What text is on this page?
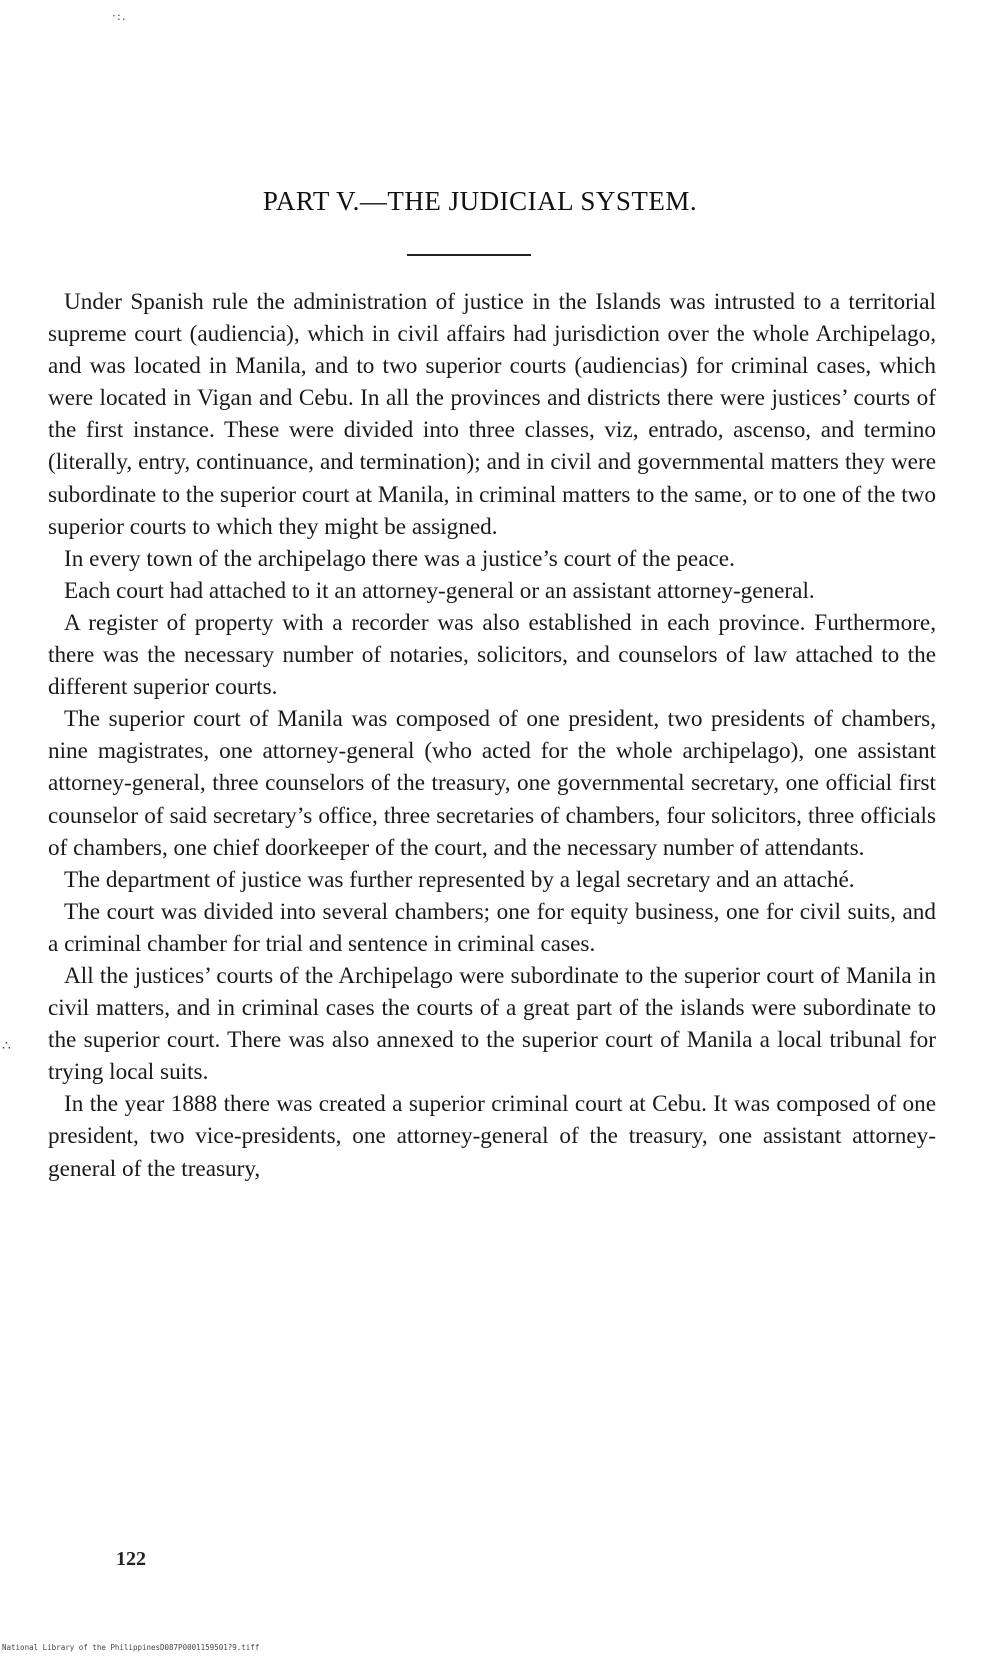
·:.
∴
PART V.—THE JUDICIAL SYSTEM.

Under Spanish rule the administration of justice in the Islands was intrusted to a territorial supreme court (audiencia), which in civil affairs had jurisdiction over the whole Archipelago, and was located in Manila, and to two superior courts (audiencias) for criminal cases, which were located in Vigan and Cebu. In all the provinces and districts there were justices’ courts of the first instance. These were divided into three classes, viz, entrado, ascenso, and termino (literally, entry, continuance, and termination); and in civil and governmental matters they were subordinate to the superior court at Manila, in criminal matters to the same, or to one of the two superior courts to which they might be assigned.

In every town of the archipelago there was a justice’s court of the peace.

Each court had attached to it an attorney-general or an assistant attorney-general.

A register of property with a recorder was also established in each province. Furthermore, there was the necessary number of notaries, solicitors, and counselors of law attached to the different superior courts.

The superior court of Manila was composed of one president, two presidents of chambers, nine magistrates, one attorney-general (who acted for the whole archipelago), one assistant attorney-general, three counselors of the treasury, one governmental secretary, one official first counselor of said secretary’s office, three secretaries of chambers, four solicitors, three officials of chambers, one chief doorkeeper of the court, and the necessary number of attendants.

The department of justice was further represented by a legal secretary and an attaché.

The court was divided into several chambers; one for equity business, one for civil suits, and a criminal chamber for trial and sentence in criminal cases.

All the justices’ courts of the Archipelago were subordinate to the superior court of Manila in civil matters, and in criminal cases the courts of a great part of the islands were subordinate to the superior court. There was also annexed to the superior court of Manila a local tribunal for trying local suits.

In the year 1888 there was created a superior criminal court at Cebu. It was composed of one president, two vice-presidents, one attorney-general of the treasury, one assistant attorney-general of the treasury,

122
National Library of the Philippines D087P0001159501?9.tiff
